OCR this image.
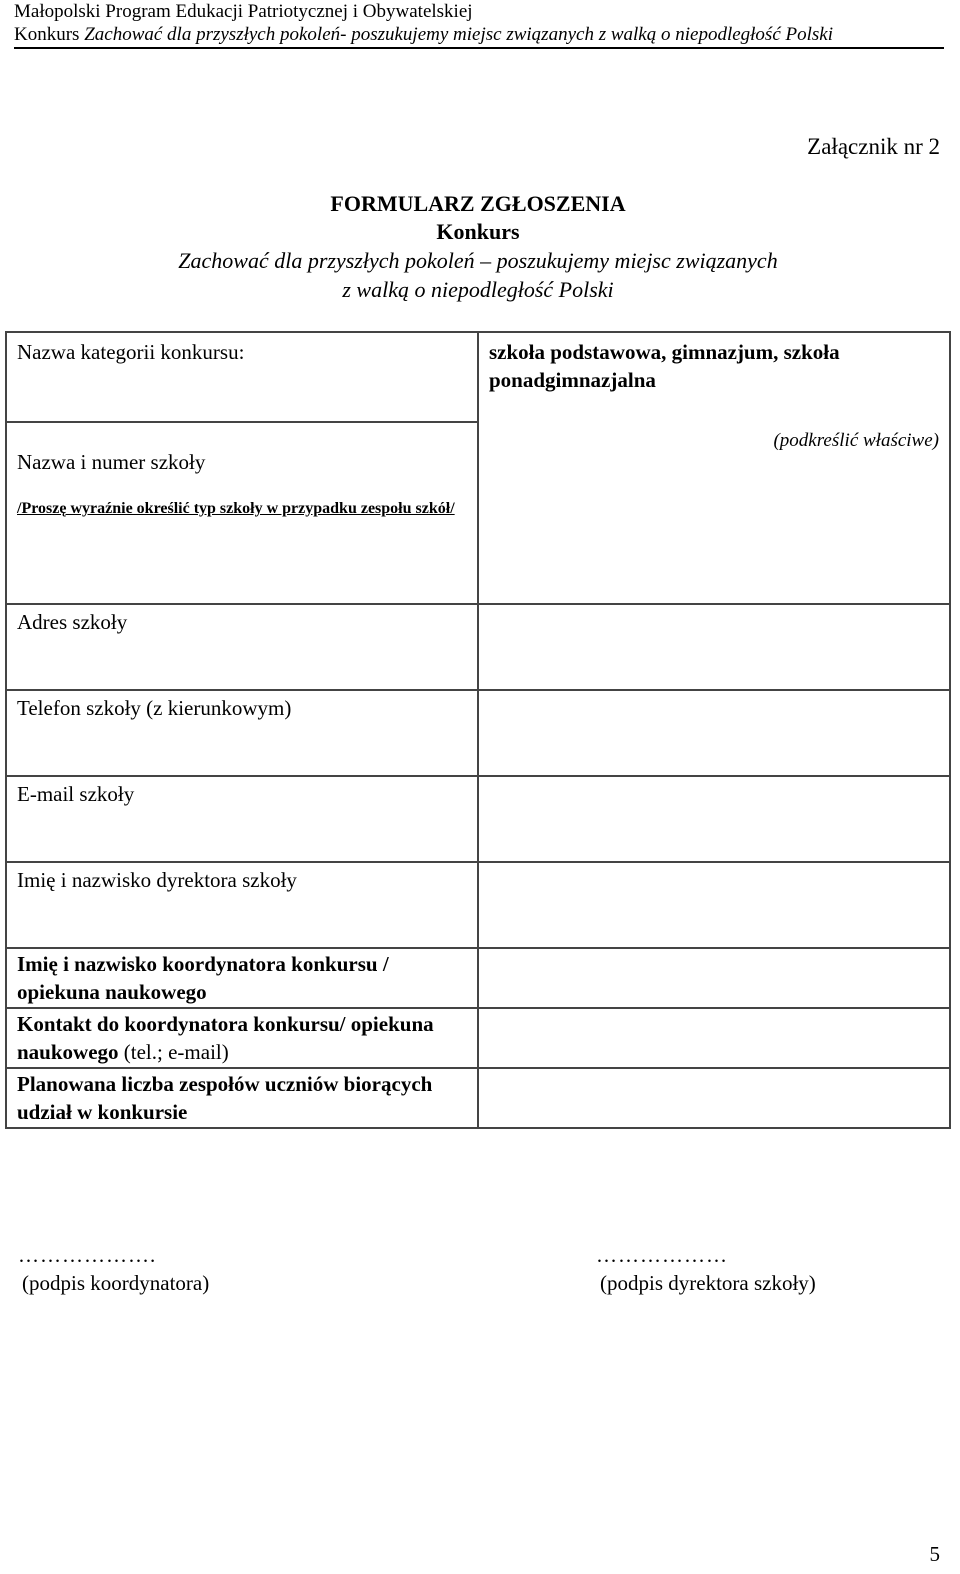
Małopolski Program Edukacji Patriotycznej i Obywatelskiej
Konkurs Zachować dla przyszłych pokoleń- poszukujemy miejsc związanych z walką o niepodległość Polski
Załącznik nr 2
FORMULARZ ZGŁOSZENIA
Konkurs
Zachować dla przyszłych pokoleń – poszukujemy miejsc związanych
z walką o niepodległość Polski
Nazwa kategorii konkursu:	szkoła podstawowa, gimnazjum, szkoła ponadgimnazjalna
(podkreślić właściwe)

Nazwa i numer szkoły
/Proszę wyraźnie określić typ szkoły w przypadku zespołu szkół/	

Adres szkoły	

Telefon szkoły (z kierunkowym)	

E-mail szkoły	

Imię i nazwisko dyrektora szkoły	

Imię i nazwisko koordynatora konkursu / opiekuna naukowego	

Kontakt do koordynatora konkursu/ opiekuna naukowego (tel.; e-mail)	

Planowana liczba zespołów uczniów biorących udział w konkursie	

……………….
(podpis koordynatora)
………………
(podpis dyrektora szkoły)
5
